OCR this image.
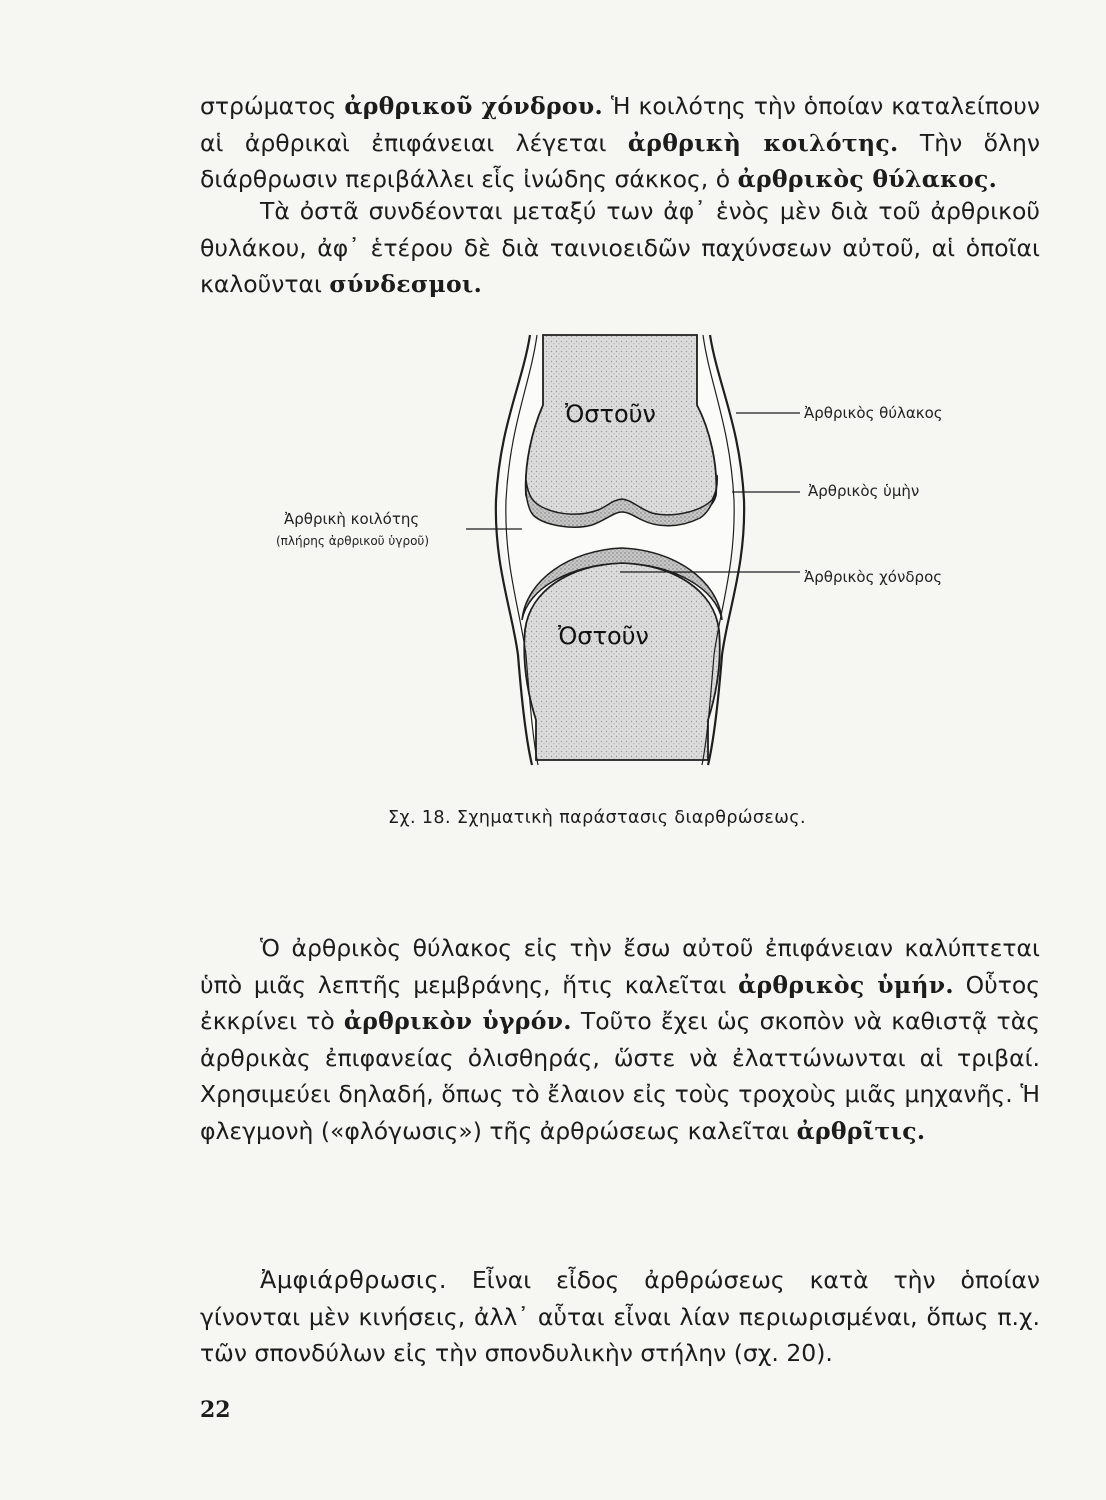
στρώματος ἀρθρικοῦ χόνδρου. Ἡ κοιλότης τὴν ὁποίαν καταλείπουν αἱ ἀρθρικαὶ ἐπιφάνειαι λέγεται ἀρθρικὴ κοιλότης. Τὴν ὅλην διάρθρωσιν περιβάλλει εἷς ἰνώδης σάκκος, ὁ ἀρθρικὸς θύλακος.

Τὰ ὀστᾶ συνδέονται μεταξύ των ἀφ᾽ ἑνὸς μὲν διὰ τοῦ ἀρθρικοῦ θυλάκου, ἀφ᾽ ἑτέρου δὲ διὰ ταινιοειδῶν παχύνσεων αὐτοῦ, αἱ ὁποῖαι καλοῦνται σύνδεσμοι.

Ὀστοῦν
Ὀστοῦν
Ἀρθρικὸς θύλακος
Ἀρθρικὸς ὑμὴν
Ἀρθρικὸς χόνδρος
Ἀρθρικὴ κοιλότης
(πλήρης ἀρθρικοῦ ὑγροῦ)
Σχ. 18. Σχηματικὴ παράστασις διαρθρώσεως.

Ὁ ἀρθρικὸς θύλακος εἰς τὴν ἔσω αὐτοῦ ἐπιφάνειαν καλύπτεται ὑπὸ μιᾶς λεπτῆς μεμβράνης, ἥτις καλεῖται ἀρθρικὸς ὑμήν. Οὗτος ἐκκρίνει τὸ ἀρθρικὸν ὑγρόν. Τοῦτο ἔχει ὡς σκοπὸν νὰ καθιστᾷ τὰς ἀρθρικὰς ἐπιφανείας ὀλισθηράς, ὥστε νὰ ἐλαττώνωνται αἱ τριβαί. Χρησιμεύει δηλαδή, ὅπως τὸ ἔλαιον εἰς τοὺς τροχοὺς μιᾶς μηχανῆς. Ἡ φλεγμονὴ («φλόγωσις») τῆς ἀρθρώσεως καλεῖται ἀρθρῖτις.

Ἀμφιάρθρωσις. Εἶναι εἶδος ἀρθρώσεως κατὰ τὴν ὁποίαν γίνονται μὲν κινήσεις, ἀλλ᾽ αὗται εἶναι λίαν περιωρισμέναι, ὅπως π.χ. τῶν σπονδύλων εἰς τὴν σπονδυλικὴν στήλην (σχ. 20).

22
